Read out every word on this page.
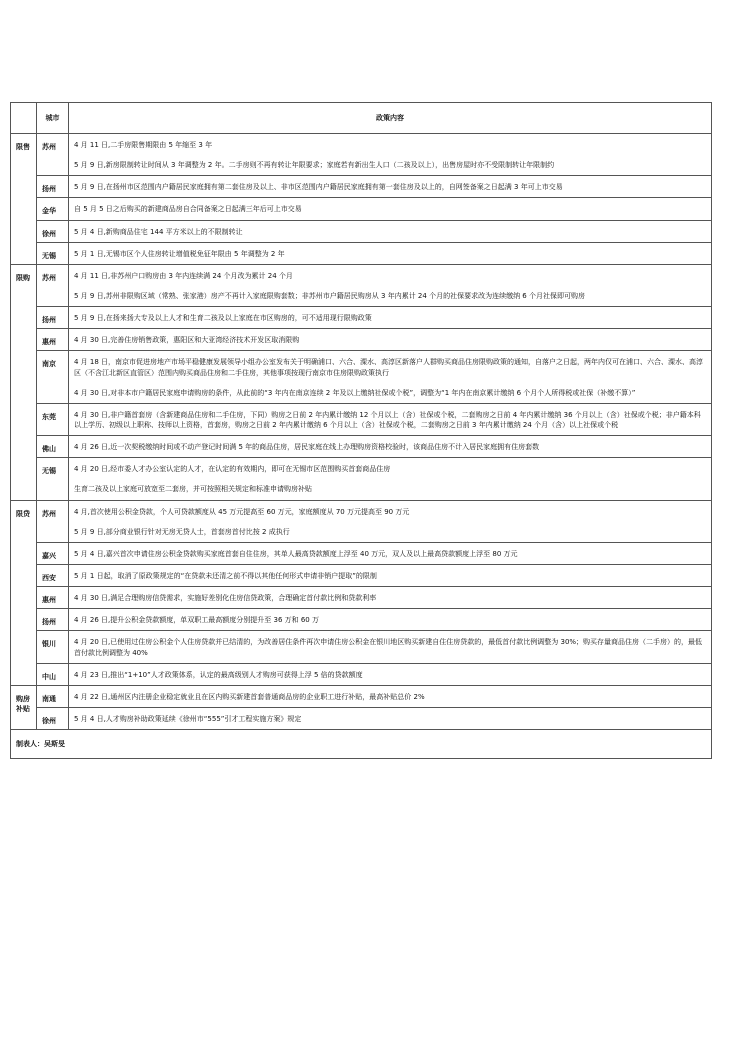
	城市	政策内容
限售	苏州	4 月 11 日,二手房限售期限由 5 年缩至 3 年
5 月 9 日,新房限制转让时间从 3 年调整为 2 年。二手房则不再有转让年限要求；家庭若有新出生人口（二孩及以上），出售房屋时亦不受限制转让年限制约

	扬州	5 月 9 日,在扬州市区范围内户籍居民家庭拥有第二套住房及以上、非市区范围内户籍居民家庭拥有第一套住房及以上的，自网签备案之日起满 3 年可上市交易

	金华	自 5 月 5 日之后购买的新建商品房自合同备案之日起满三年后可上市交易

	徐州	5 月 4 日,新购商品住宅 144 平方米以上的不限制转让

	无锡	5 月 1 日,无锡市区个人住房转让增值税免征年限由 5 年调整为 2 年

限购	苏州	4 月 11 日,非苏州户口购房由 3 年内连续满 24 个月改为累计 24 个月
5 月 9 日,苏州非限购区域（常熟、张家港）房产不再计入家庭限购套数；非苏州市户籍居民购房从 3 年内累计 24 个月的社保要求改为连续缴纳 6 个月社保即可购房

	扬州	5 月 9 日,在扬来扬大专及以上人才和生育二孩及以上家庭在市区购房的，可不适用现行限购政策

	惠州	4 月 30 日,完善住房销售政策，惠阳区和大亚湾经济技术开发区取消限购

	南京	4 月 18 日，南京市促进房地产市场平稳健康发展领导小组办公室发布关于明确浦口、六合、溧水、高淳区新落户人群购买商品住房限购政策的通知，自落户之日起，两年内仅可在浦口、六合、溧水、高淳区（不含江北新区直管区）范围内购买商品住房和二手住房，其他事项按现行南京市住房限购政策执行
4 月 30 日,对非本市户籍居民家庭申请购房的条件，从此前的“3 年内在南京连续 2 年及以上缴纳社保或个税”，调整为“1 年内在南京累计缴纳 6 个月个人所得税或社保（补缴不算）”

	东莞	4 月 30 日,非户籍首套房（含新建商品住房和二手住房，下同）购房之日前 2 年内累计缴纳 12 个月以上（含）社保或个税，二套购房之日前 4 年内累计缴纳 36 个月以上（含）社保或个税；非户籍本科以上学历、初级以上职称、技师以上资格，首套房，购房之日前 2 年内累计缴纳 6 个月以上（含）社保或个税，二套购房之日前 3 年内累计缴纳 24 个月（含）以上社保或个税

	佛山	4 月 26 日,近一次契税缴纳时间或不动产登记时间满 5 年的商品住房，居民家庭在线上办理购房资格校验时，该商品住房不计入居民家庭拥有住房套数

	无锡	4 月 20 日,经市委人才办公室认定的人才，在认定的有效期内，即可在无锡市区范围购买首套商品住房
生育二孩及以上家庭可放宽至二套房，并可按照相关规定和标准申请购房补贴

限贷	苏州	4 月,首次使用公积金贷款，个人可贷款额度从 45 万元提高至 60 万元，家庭额度从 70 万元提高至 90 万元
5 月 9 日,部分商业银行针对无房无贷人士，首套房首付比按 2 成执行

	嘉兴	5 月 4 日,嘉兴首次申请住房公积金贷款购买家庭首套自住住房，其单人最高贷款额度上浮至 40 万元，双人及以上最高贷款额度上浮至 80 万元

	西安	5 月 1 日起，取消了原政策规定的“在贷款未还清之前不得以其他任何形式申请非销户提取”的限制

	惠州	4 月 30 日,满足合理购房信贷需求，实施好差别化住房信贷政策，合理确定首付款比例和贷款利率

	扬州	4 月 26 日,提升公积金贷款额度，单双职工最高额度分别提升至 36 万和 60 万

	银川	4 月 20 日,已使用过住房公积金个人住房贷款并已结清的，为改善居住条件再次申请住房公积金在银川地区购买新建自住住房贷款的，最低首付款比例调整为 30%；购买存量商品住房（二手房）的，最低首付款比例调整为 40%

	中山	4 月 23 日,推出“1+10”人才政策体系，认定的最高级别人才购房可获得上浮 5 倍的贷款额度

购房补贴	南通	4 月 22 日,通州区内注册企业稳定就业且在区内购买新建首套普通商品房的企业职工进行补贴，最高补贴总价 2%

	徐州	5 月 4 日,人才购房补助政策延续《徐州市“555”引才工程实施方案》规定

制表人：吴斯旻		
